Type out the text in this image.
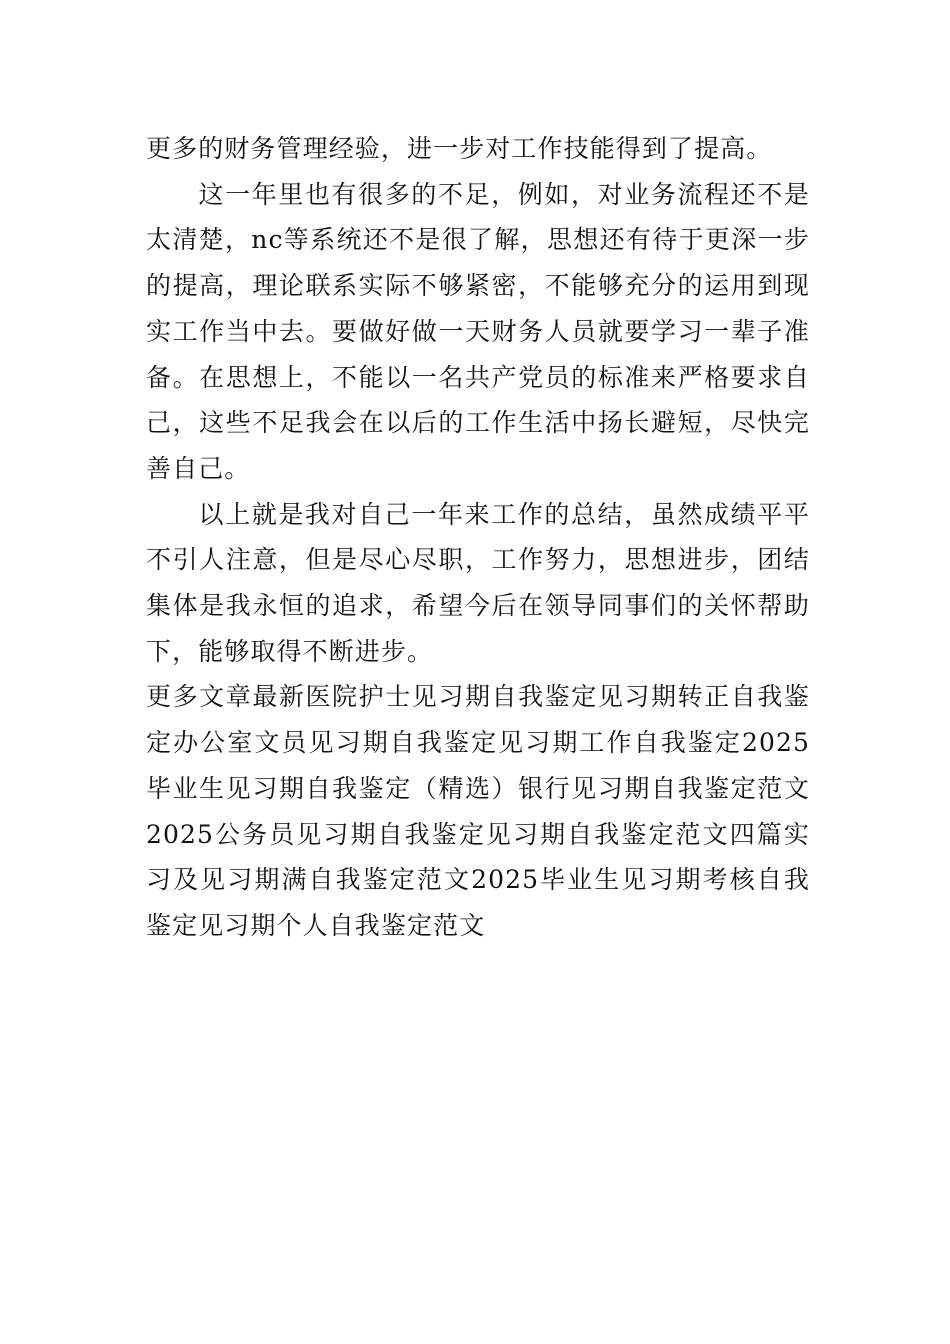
更多的财务管理经验，进一步对工作技能得到了提高。

这一年里也有很多的不足，例如，对业务流程还不是太清楚，nc等系统还不是很了解，思想还有待于更深一步的提高，理论联系实际不够紧密，不能够充分的运用到现实工作当中去。要做好做一天财务人员就要学习一辈子准备。在思想上，不能以一名共产党员的标准来严格要求自己，这些不足我会在以后的工作生活中扬长避短，尽快完善自己。

以上就是我对自己一年来工作的总结，虽然成绩平平不引人注意，但是尽心尽职，工作努力，思想进步，团结集体是我永恒的追求，希望今后在领导同事们的关怀帮助下，能够取得不断进步。

更多文章最新医院护士见习期自我鉴定见习期转正自我鉴定办公室文员见习期自我鉴定见习期工作自我鉴定2025毕业生见习期自我鉴定（精选）银行见习期自我鉴定范文2025公务员见习期自我鉴定见习期自我鉴定范文四篇实习及见习期满自我鉴定范文2025毕业生见习期考核自我鉴定见习期个人自我鉴定范文
